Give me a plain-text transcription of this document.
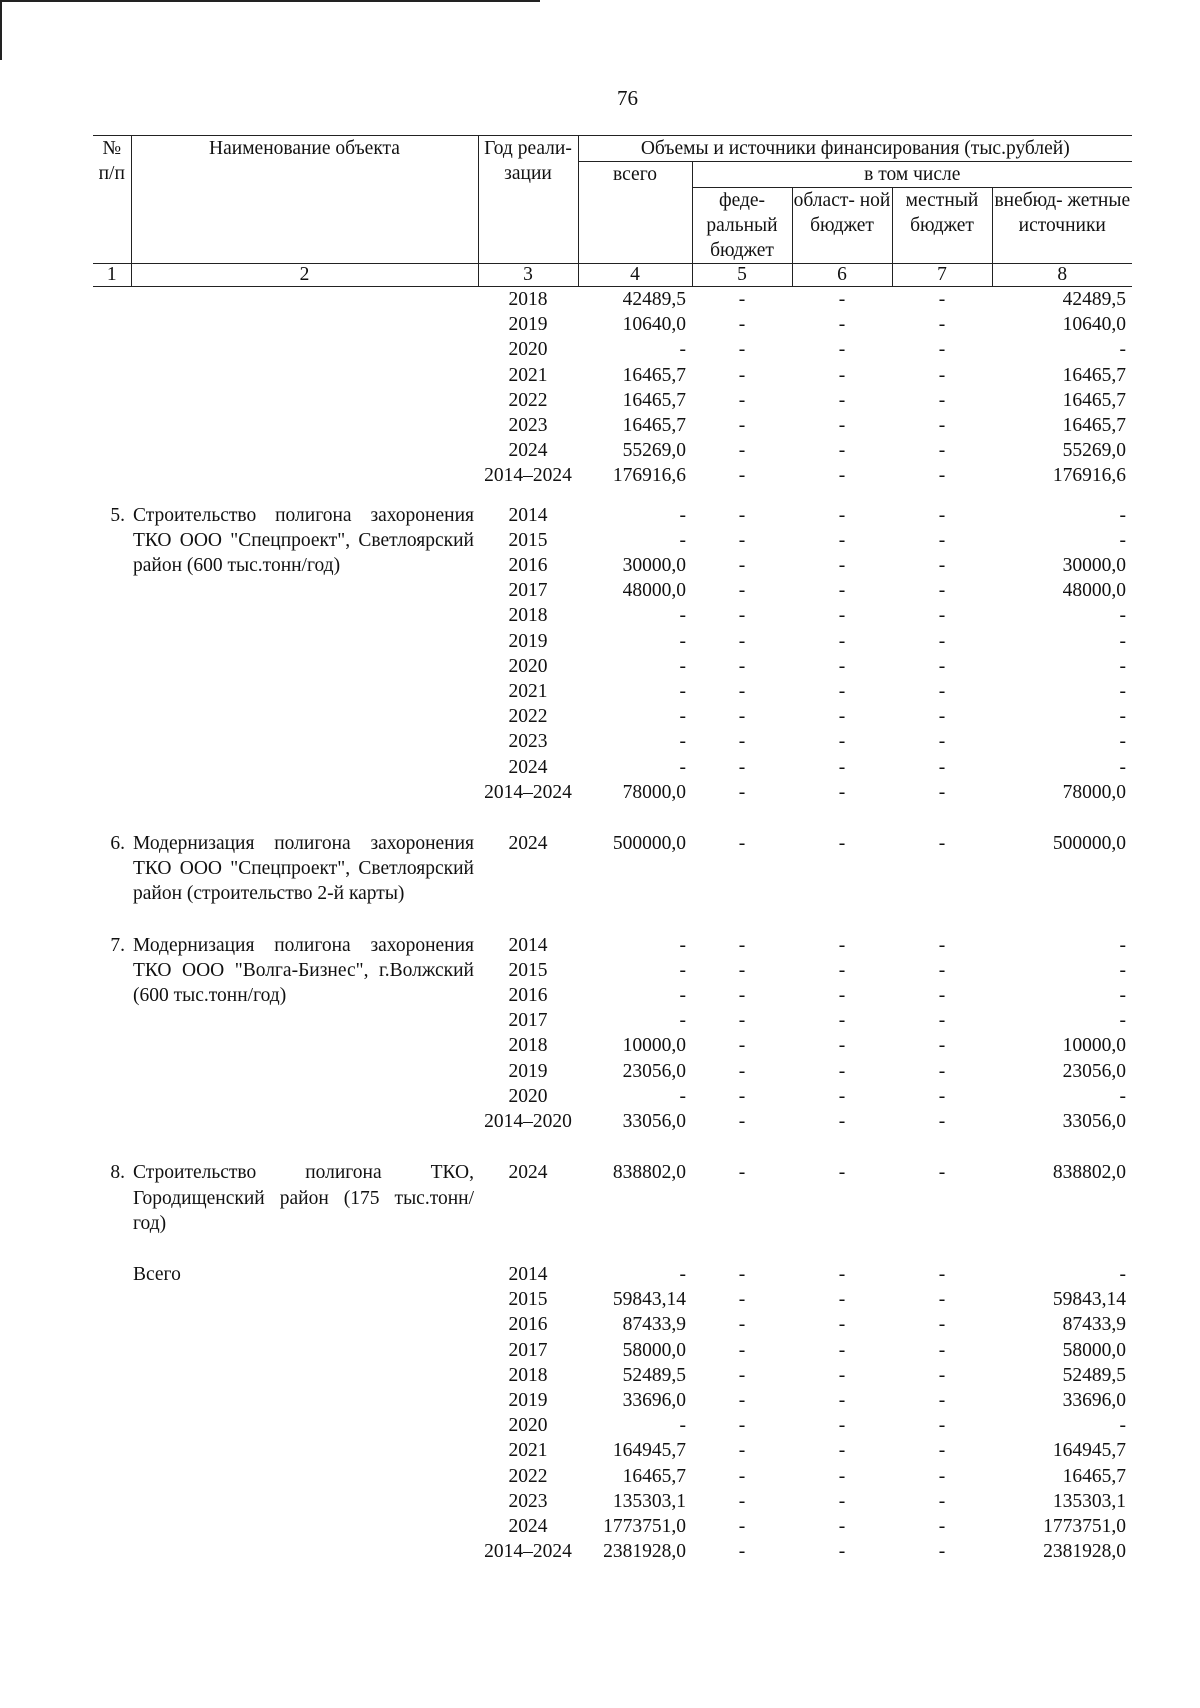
76
№ п/п	Наименование объекта	Год реали- зации	Объемы и источники финансирования (тыс.рублей)				
			всего	в том числе			
				феде- ральный бюджет	област- ной бюджет	местный бюджет	внебюд- жетные источники
1	2	3	4	5	6	7	8
		2018	42489,5	-	-	-	42489,5
		2019	10640,0	-	-	-	10640,0
		2020	-	-	-	-	-
		2021	16465,7	-	-	-	16465,7
		2022	16465,7	-	-	-	16465,7
		2023	16465,7	-	-	-	16465,7
		2024	55269,0	-	-	-	55269,0
		2014–2024	176916,6	-	-	-	176916,6

5.	Строительство полигона захоронения ТКО ООО "Спецпроект", Светлоярский район (600 тыс.тонн/год)	2014	-	-	-	-	-
		2015	-	-	-	-	-
		2016	30000,0	-	-	-	30000,0
		2017	48000,0	-	-	-	48000,0
		2018	-	-	-	-	-
		2019	-	-	-	-	-
		2020	-	-	-	-	-
		2021	-	-	-	-	-
		2022	-	-	-	-	-
		2023	-	-	-	-	-
		2024	-	-	-	-	-
		2014–2024	78000,0	-	-	-	78000,0

6.	Модернизация полигона захоронения ТКО ООО "Спецпроект", Светлоярский район (строительство 2-й карты)	2024	500000,0	-	-	-	500000,0

7.	Модернизация полигона захоронения ТКО ООО "Волга-Бизнес", г.Волжский (600 тыс.тонн/год)	2014	-	-	-	-	-
		2015	-	-	-	-	-
		2016	-	-	-	-	-
		2017	-	-	-	-	-
		2018	10000,0	-	-	-	10000,0
		2019	23056,0	-	-	-	23056,0
		2020	-	-	-	-	-
		2014–2020	33056,0	-	-	-	33056,0

8.	Строительство полигона ТКО, Городищенский район (175 тыс.тонн/год)	2024	838802,0	-	-	-	838802,0

	Всего	2014	-	-	-	-	-
		2015	59843,14	-	-	-	59843,14
		2016	87433,9	-	-	-	87433,9
		2017	58000,0	-	-	-	58000,0
		2018	52489,5	-	-	-	52489,5
		2019	33696,0	-	-	-	33696,0
		2020	-	-	-	-	-
		2021	164945,7	-	-	-	164945,7
		2022	16465,7	-	-	-	16465,7
		2023	135303,1	-	-	-	135303,1
		2024	1773751,0	-	-	-	1773751,0
		2014–2024	2381928,0	-	-	-	2381928,0
